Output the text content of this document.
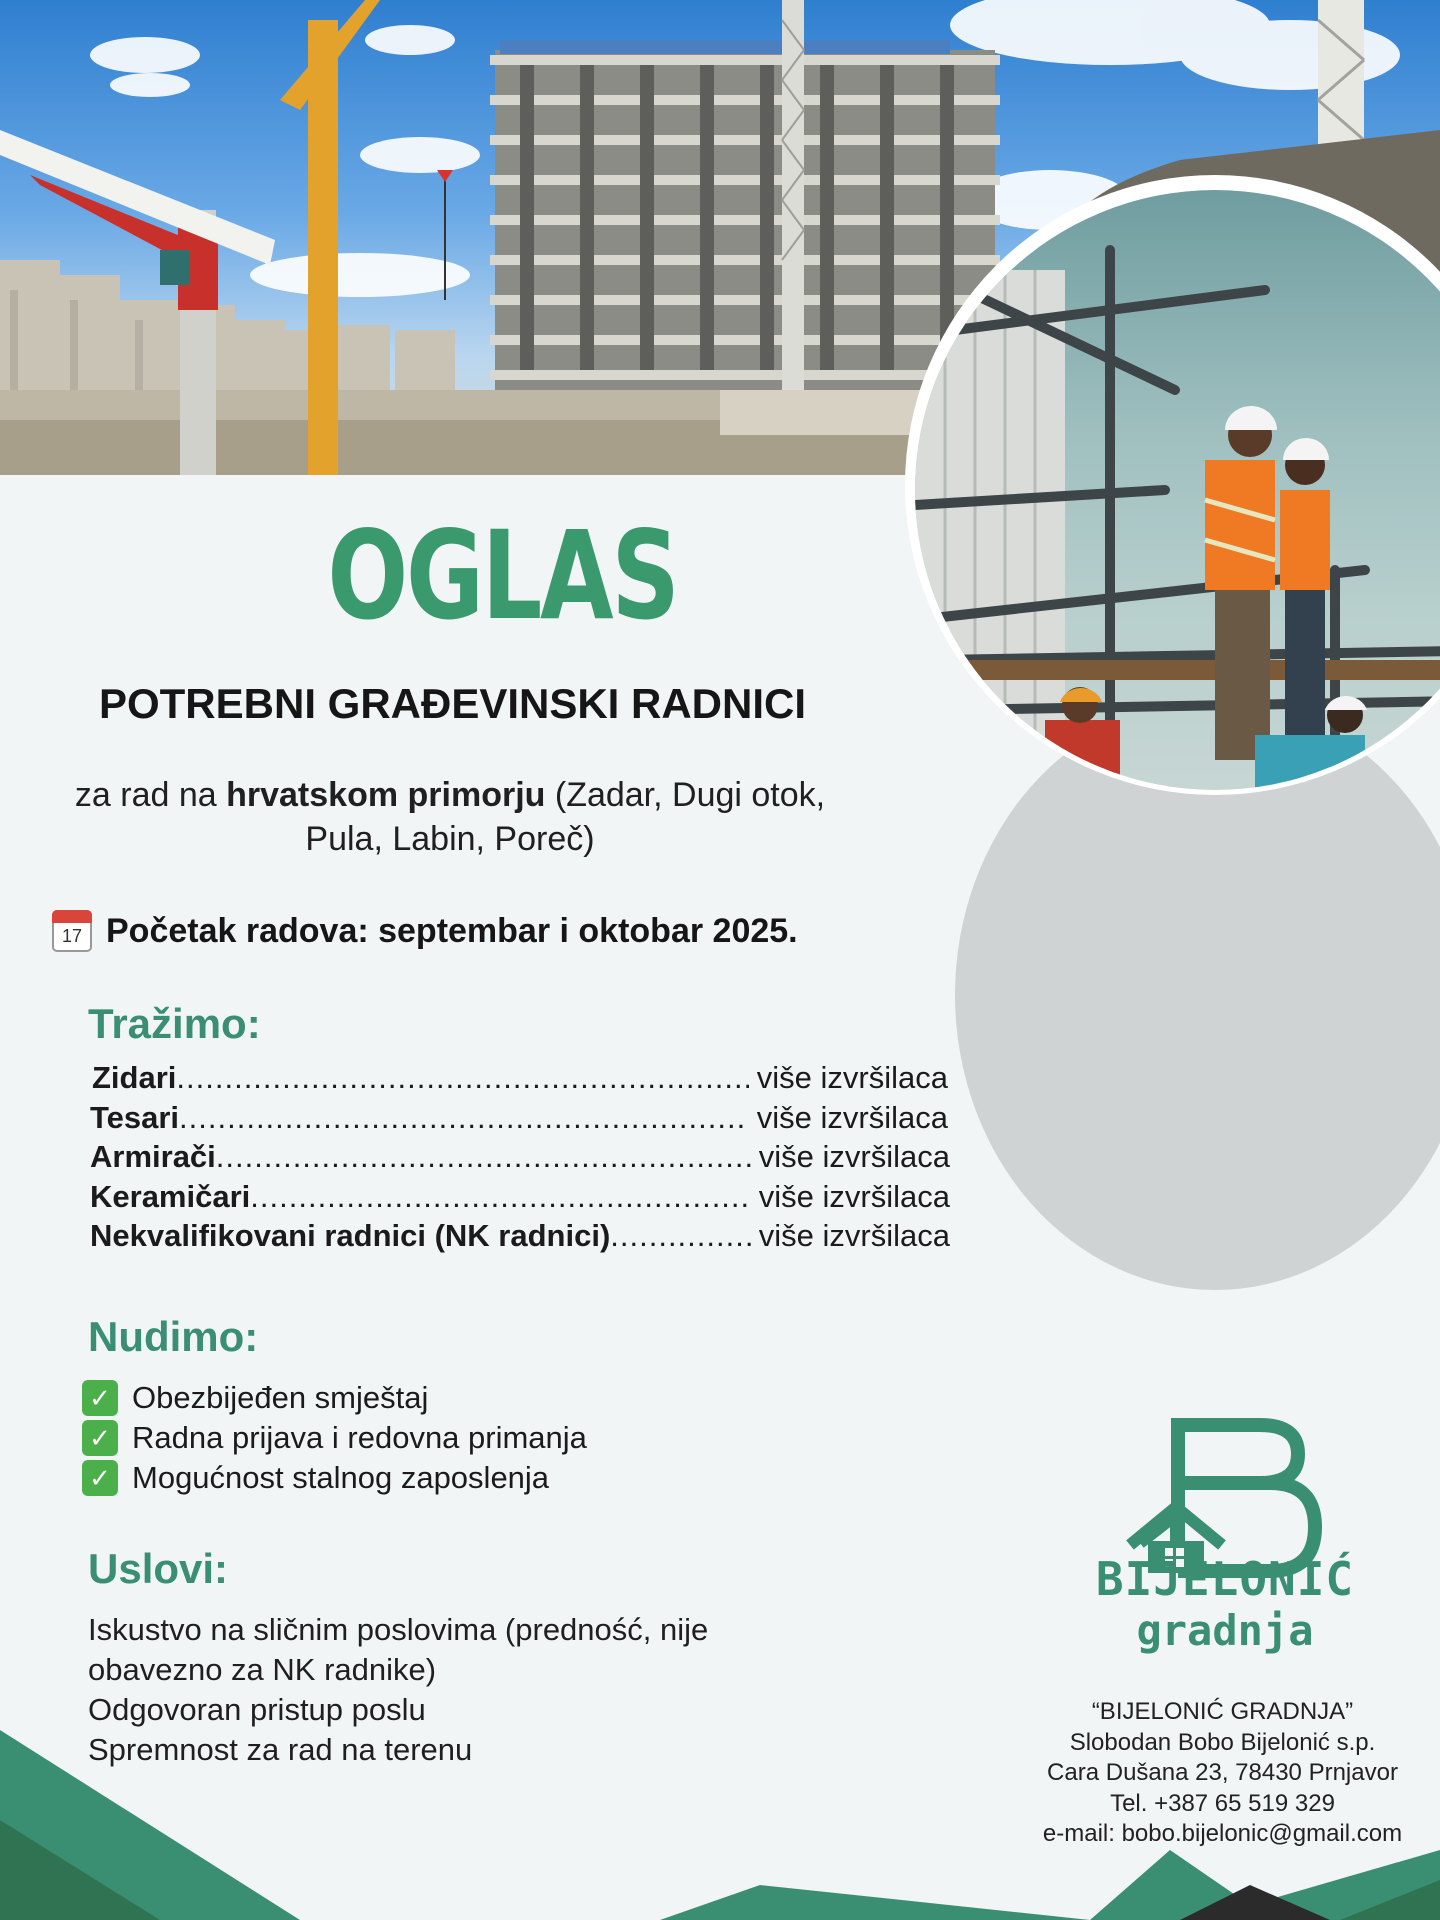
OGLAS
POTREBNI GRAĐEVINSKI RADNICI
za rad na hrvatskom primorju (Zadar, Dugi otok,
Pula, Labin, Poreč)
17 Početak radova: septembar i oktobar 2025.
Tražimo:
Zidari .....	više izvršilaca
Tesari .....	više izvršilaca
Armirači .....	više izvršilaca
Keramičari .....	više izvršilaca
Nekvalifikovani radnici (NK radnici) .....	više izvršilaca
Nudimo:
✓ Obezbijeđen smještaj
✓ Radna prijava i redovna primanja
✓ Mogućnost stalnog zaposlenja
Uslovi:
Iskustvo na sličnim poslovima (predność, nije
obavezno za NK radnike)
Odgovoran pristup poslu
Spremnost za rad na terenu
BIJELONIĆ
gradnja
“BIJELONIĆ GRADNJA”
Slobodan Bobo Bijelonić s.p.
Cara Dušana 23, 78430 Prnjavor
Tel. +387 65 519 329
e-mail: bobo.bijelonic@gmail.com
